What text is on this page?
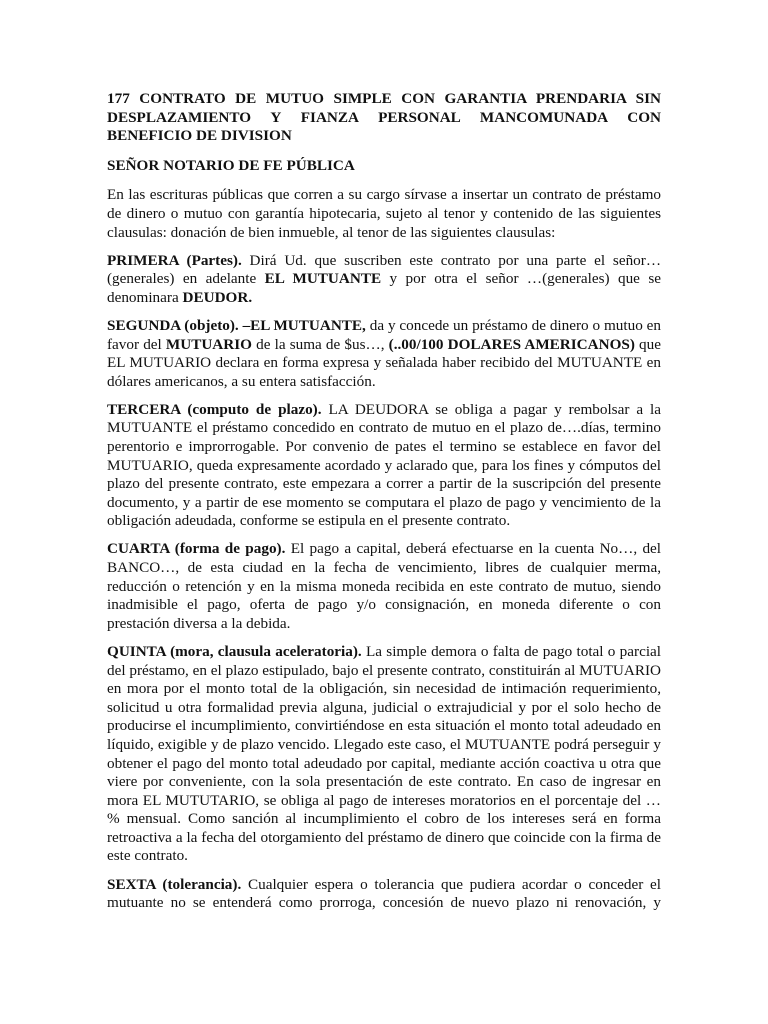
177 CONTRATO DE MUTUO SIMPLE CON GARANTIA PRENDARIA SIN DESPLAZAMIENTO Y FIANZA PERSONAL MANCOMUNADA CON BENEFICIO DE DIVISION

SEÑOR NOTARIO DE FE PÚBLICA

En las escrituras públicas que corren a su cargo sírvase a insertar un contrato de préstamo de dinero o mutuo con garantía hipotecaria, sujeto al tenor y contenido de las siguientes clausulas: donación de bien inmueble, al tenor de las siguientes clausulas:

PRIMERA (Partes). Dirá Ud. que suscriben este contrato por una parte el señor…(generales) en adelante EL MUTUANTE y por otra el señor …(generales) que se denominara DEUDOR.

SEGUNDA (objeto). –EL MUTUANTE, da y concede un préstamo de dinero o mutuo en favor del MUTUARIO de la suma de $us…, (..00/100 DOLARES AMERICANOS) que EL MUTUARIO declara en forma expresa y señalada haber recibido del MUTUANTE en dólares americanos, a su entera satisfacción.

TERCERA (computo de plazo). LA DEUDORA se obliga a pagar y rembolsar a la MUTUANTE el préstamo concedido en contrato de mutuo en el plazo de….días, termino perentorio e improrrogable. Por convenio de pates el termino se establece en favor del MUTUARIO, queda expresamente acordado y aclarado que, para los fines y cómputos del plazo del presente contrato, este empezara a correr a partir de la suscripción del presente documento, y a partir de ese momento se computara el plazo de pago y vencimiento de la obligación adeudada, conforme se estipula en el presente contrato.

CUARTA (forma de pago). El pago a capital, deberá efectuarse en la cuenta No…, del BANCO…, de esta ciudad en la fecha de vencimiento, libres de cualquier merma, reducción o retención y en la misma moneda recibida en este contrato de mutuo, siendo inadmisible el pago, oferta de pago y/o consignación, en moneda diferente o con prestación diversa a la debida.

QUINTA (mora, clausula aceleratoria). La simple demora o falta de pago total o parcial del préstamo, en el plazo estipulado, bajo el presente contrato, constituirán al MUTUARIO en mora por el monto total de la obligación, sin necesidad de intimación requerimiento, solicitud u otra formalidad previa alguna, judicial o extrajudicial y por el solo hecho de producirse el incumplimiento, convirtiéndose en esta situación el monto total adeudado en líquido, exigible y de plazo vencido. Llegado este caso, el MUTUANTE podrá perseguir y obtener el pago del monto total adeudado por capital, mediante acción coactiva u otra que viere por conveniente, con la sola presentación de este contrato. En caso de ingresar en mora EL MUTUTARIO, se obliga al pago de intereses moratorios en el porcentaje del …% mensual. Como sanción al incumplimiento el cobro de los intereses será en forma retroactiva a la fecha del otorgamiento del préstamo de dinero que coincide con la firma de este contrato.

SEXTA (tolerancia). Cualquier espera o tolerancia que pudiera acordar o conceder el mutuante no se entenderá como prorroga, concesión de nuevo plazo ni renovación, y
